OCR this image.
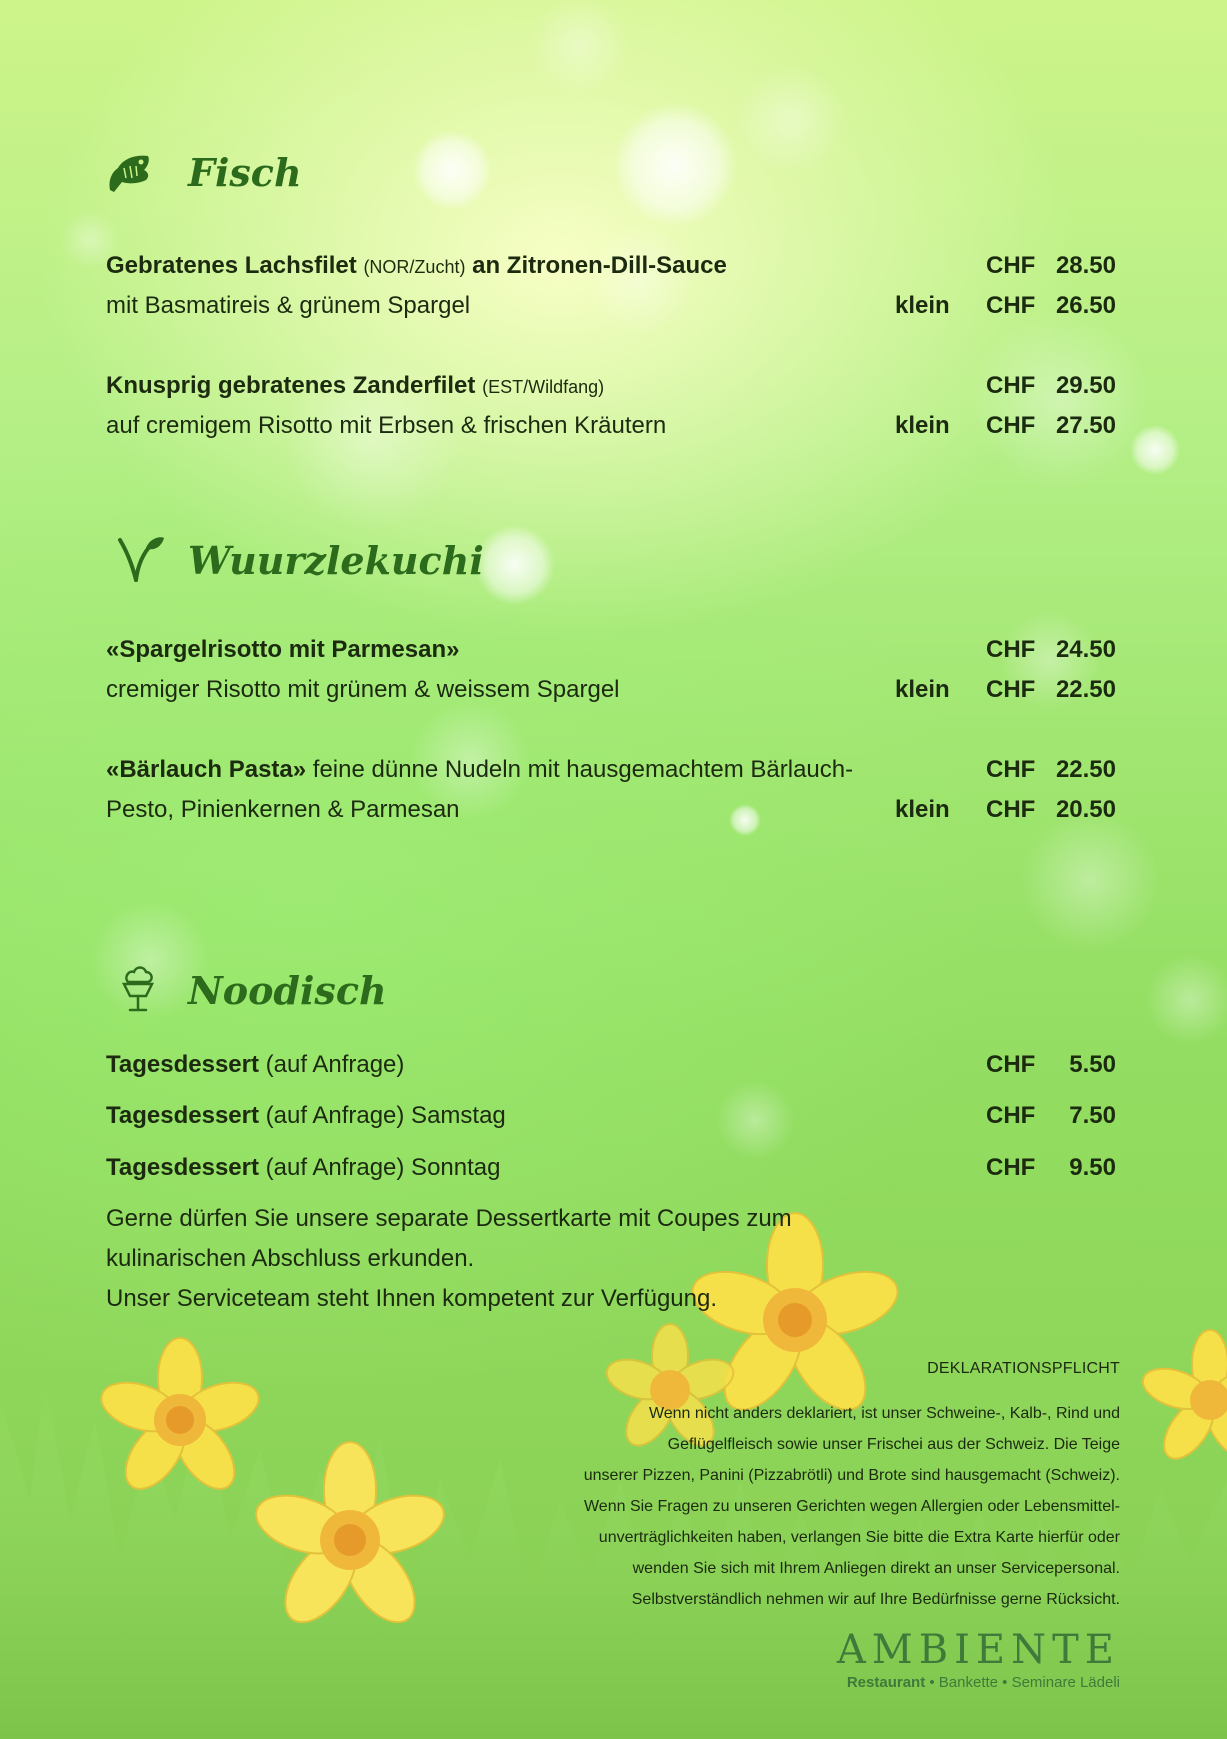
Fisch
Gebratenes Lachsfilet (NOR/Zucht) an Zitronen-Dill-Sauce	CHF 28.50
mit Basmatireis & grünem Spargel	klein CHF 26.50
Knusprig gebratenes Zanderfilet (EST/Wildfang)	CHF 29.50
auf cremigem Risotto mit Erbsen & frischen Kräutern	klein CHF 27.50
Wuurzlekuchi
«Spargelrisotto mit Parmesan»	CHF 24.50
cremiger Risotto mit grünem & weissem Spargel	klein CHF 22.50
«Bärlauch Pasta» feine dünne Nudeln mit hausgemachtem Bärlauch-	CHF 22.50
Pesto, Pinienkernen & Parmesan	klein CHF 20.50
Noodisch
Tagesdessert (auf Anfrage)	CHF 5.50
Tagesdessert (auf Anfrage) Samstag	CHF 7.50
Tagesdessert (auf Anfrage) Sonntag	CHF 9.50
Gerne dürfen Sie unsere separate Dessertkarte mit Coupes zum
kulinarischen Abschluss erkunden.
Unser Serviceteam steht Ihnen kompetent zur Verfügung.
DEKLARATIONSPFLICHT
Wenn nicht anders deklariert, ist unser Schweine-, Kalb-, Rind und
Geflügelfleisch sowie unser Frischei aus der Schweiz. Die Teige
unserer Pizzen, Panini (Pizzabrötli) und Brote sind hausgemacht (Schweiz).
Wenn Sie Fragen zu unseren Gerichten wegen Allergien oder Lebensmittel-
unverträglichkeiten haben, verlangen Sie bitte die Extra Karte hierfür oder
wenden Sie sich mit Ihrem Anliegen direkt an unser Servicepersonal.
Selbstverständlich nehmen wir auf Ihre Bedürfnisse gerne Rücksicht.
AMBIENTE
Restaurant • Bankette • Seminare Lädeli
